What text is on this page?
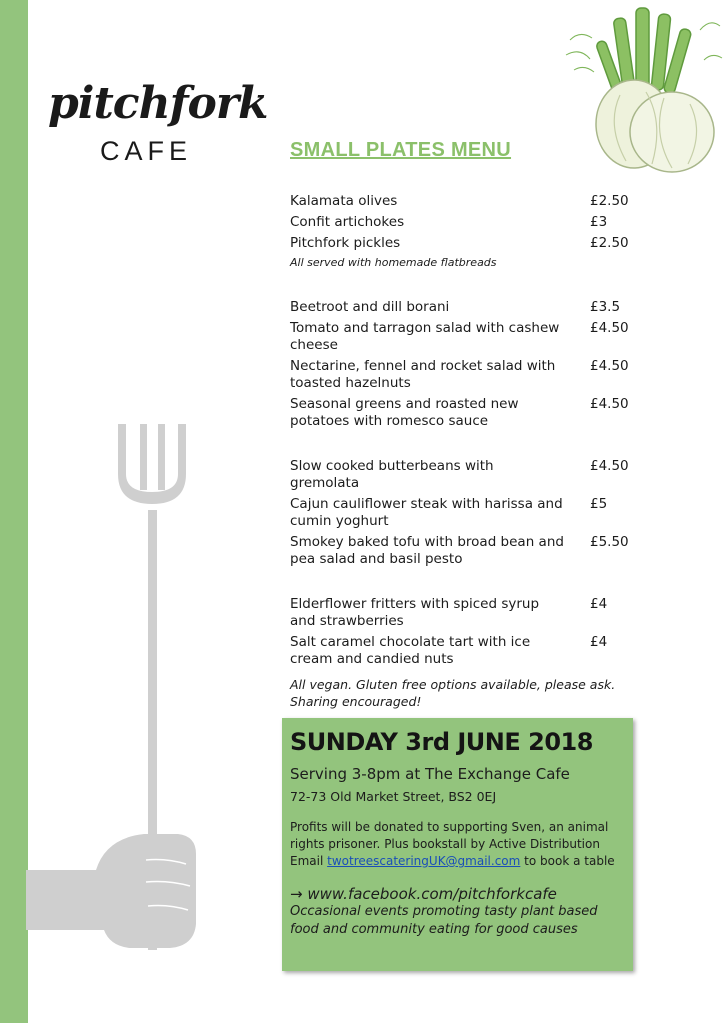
pitchfork
CAFE	SMALL PLATES MENU
Kalamata olives	£2.50
Confit artichokes	£3
Pitchfork pickles	£2.50
All served with homemade flatbreads
Beetroot and dill borani	£3.5
Tomato and tarragon salad with cashew cheese
£4.50
Nectarine, fennel and rocket salad with toasted hazelnuts
£4.50
Seasonal greens and roasted new potatoes with romesco sauce
£4.50
Slow cooked butterbeans with gremolata
£4.50
Cajun cauliflower steak with harissa and cumin yoghurt
£5
Smokey baked tofu with broad bean and pea salad and basil pesto
£5.50
Elderflower fritters with spiced syrup and strawberries
£4
Salt caramel chocolate tart with ice cream and candied nuts
£4
All vegan. Gluten free options available, please ask. Sharing encouraged!
SUNDAY 3rd JUNE 2018
Serving 3-8pm at The Exchange Cafe
72-73 Old Market Street, BS2 0EJ
Profits will be donated to supporting Sven, an animal rights prisoner. Plus bookstall by Active Distribution
Email twotreescateringUK@gmail.com to book a table
→ www.facebook.com/pitchforkcafe
Occasional events promoting tasty plant based food and community eating for good causes
